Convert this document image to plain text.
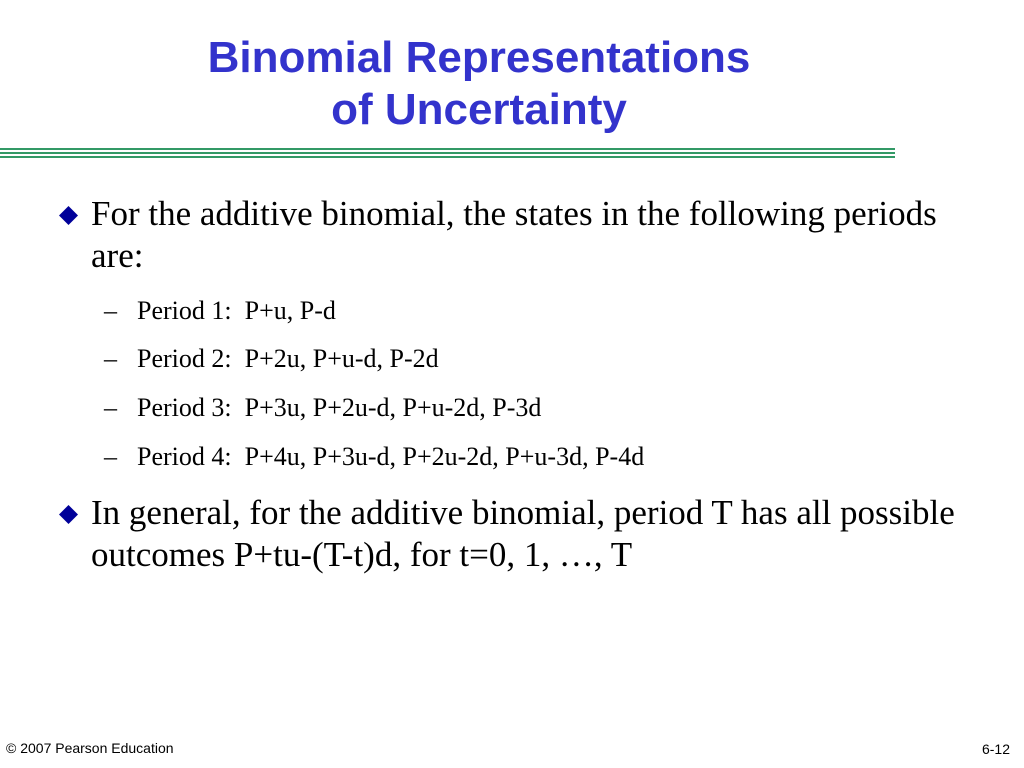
Binomial Representations
of Uncertainty
For the additive binomial, the states in the following periods are:
– Period 1:  P+u, P-d
– Period 2:  P+2u, P+u-d, P-2d
– Period 3:  P+3u, P+2u-d, P+u-2d, P-3d
– Period 4:  P+4u, P+3u-d, P+2u-2d, P+u-3d, P-4d
In general, for the additive binomial, period T has all possible outcomes P+tu-(T-t)d, for t=0, 1, …, T
© 2007 Pearson Education	6-12
